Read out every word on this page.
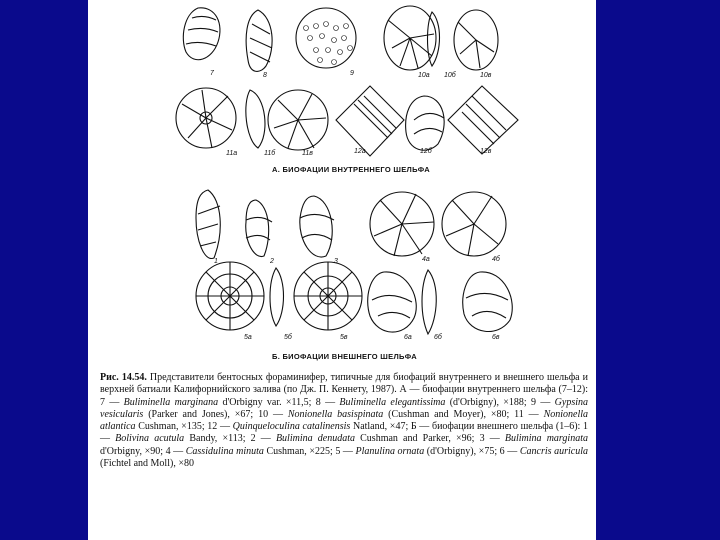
7	8	9	10а 10б	10в
11а	11б	11в	12а	12б	12в
А. БИОФАЦИИ ВНУТРЕННЕГО ШЕЛЬФА
1	2	3	4а	4б
5а	5б	5в	6а	6б	6в
Б. БИОФАЦИИ ВНЕШНЕГО ШЕЛЬФА
Рис. 14.54. Представители бентосных фораминифер, типичные для биофаций внутреннего и внешнего шельфа и верхней батиали Калифорнийского залива (по Дж. П. Кеннету, 1987). А — биофации внутреннего шельфа (7–12): 7 — Buliminella marginana d'Orbigny var. ×11,5; 8 — Buliminella elegantissima (d'Orbigny), ×188; 9 — Gypsina vesicularis (Parker and Jones), ×67; 10 — Nonionella basispinata (Cushman and Moyer), ×80; 11 — Nonionella atlantica Cushman, ×135; 12 — Quinqueloculina catalinensis Natland, ×47; Б — биофации внешнего шельфа (1–6): 1 — Bolivina acutula Bandy, ×113; 2 — Bulimina denudata Cushman and Parker, ×96; 3 — Bulimina marginata d'Orbigny, ×90; 4 — Cassidulina minuta Cushman, ×225; 5 — Planulina ornata (d'Orbigny), ×75; 6 — Cancris auricula (Fichtel and Moll), ×80
